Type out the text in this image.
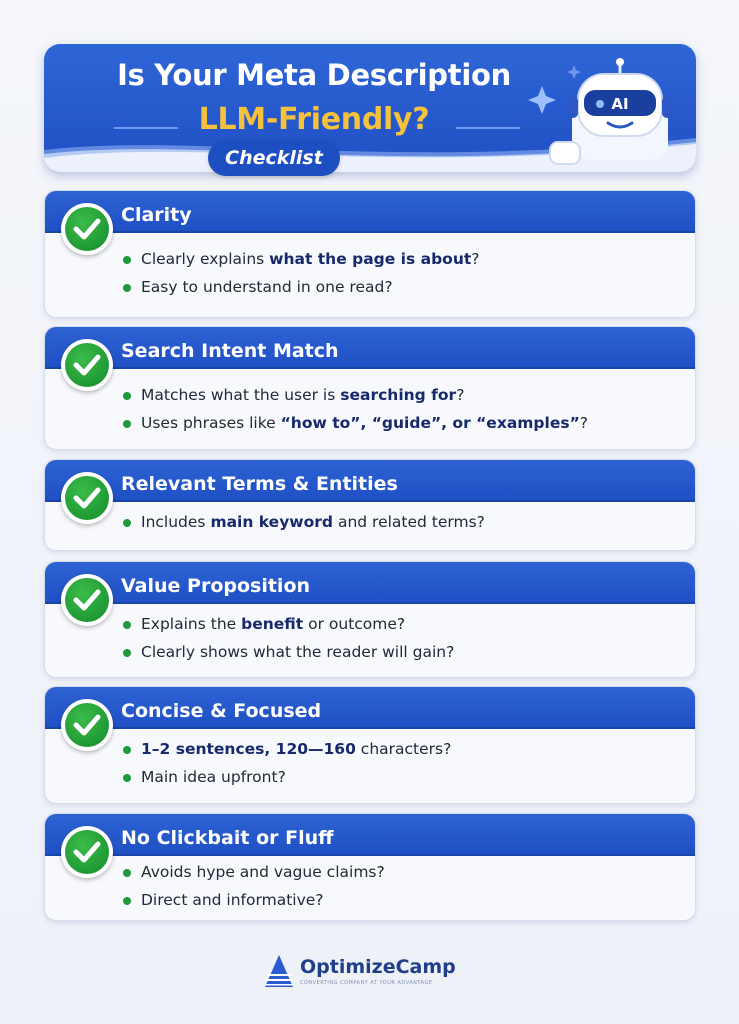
Is Your Meta Description
LLM-Friendly?
Checklist
AI
Clarity
Clearly explains what the page is about?
Easy to understand in one read?
Search Intent Match
Matches what the user is searching for?
Uses phrases like “how to”, “guide”, or “examples”?
Relevant Terms & Entities
Includes main keyword and related terms?
Value Proposition
Explains the benefit or outcome?
Clearly shows what the reader will gain?
Concise & Focused
1–2 sentences, 120—160 characters?
Main idea upfront?
No Clickbait or Fluff
Avoids hype and vague claims?
Direct and informative?
OptimizeCamp
CONVERTING COMPANY AT YOUR ADVANTAGE
